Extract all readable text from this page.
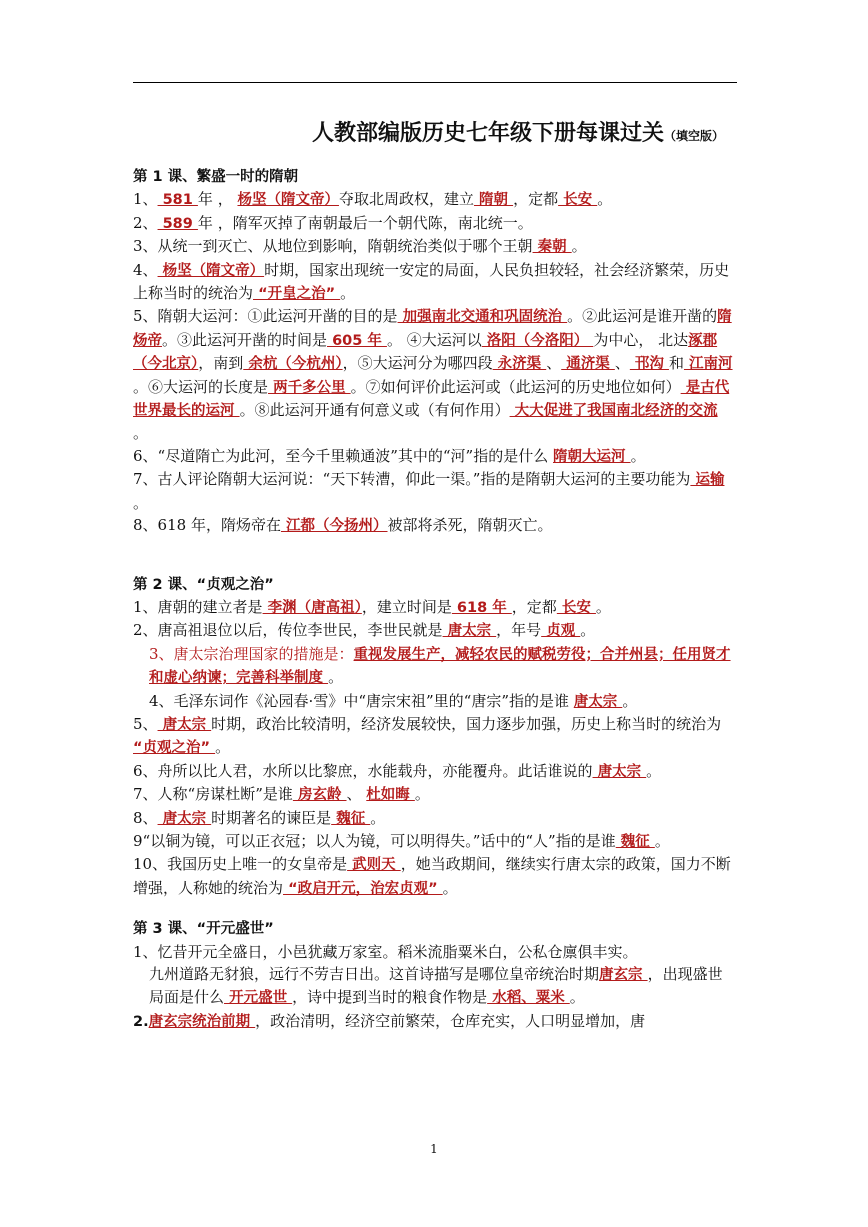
人教部编版历史七年级下册每课过关（填空版）

第 1 课、繁盛一时的隋朝

1、 581 年 ， 杨坚（隋文帝）夺取北周政权，建立 隋朝 ，定都 长安 。

2、 589 年 ，隋军灭掉了南朝最后一个朝代陈，南北统一。

3、从统一到灭亡、从地位到影响，隋朝统治类似于哪个王朝 秦朝 。

4、 杨坚（隋文帝）时期，国家出现统一安定的局面，人民负担较轻，社会经济繁荣，历史上称当时的统治为 “开皇之治” 。

5、隋朝大运河：①此运河开凿的目的是 加强南北交通和巩固统治 。②此运河是谁开凿的隋炀帝。③此运河开凿的时间是 605 年 。 ④大运河以 洛阳（今洛阳） 为中心， 北达涿郡（今北京），南到 余杭（今杭州），⑤大运河分为哪四段 永济渠 、 通济渠 、 邗沟 和 江南河 。⑥大运河的长度是 两千多公里 。⑦如何评价此运河或（此运河的历史地位如何） 是古代世界最长的运河 。⑧此运河开通有何意义或（有何作用） 大大促进了我国南北经济的交流 。

6、“尽道隋亡为此河，至今千里赖通波”其中的“河”指的是什么 隋朝大运河 。

7、古人评论隋朝大运河说：“天下转漕，仰此一渠。”指的是隋朝大运河的主要功能为 运输 。

8、618 年，隋炀帝在 江都（今扬州）被部将杀死，隋朝灭亡。

第 2 课、“贞观之治”

1、唐朝的建立者是 李渊（唐高祖），建立时间是 618 年 ，定都 长安 。

2、唐高祖退位以后，传位李世民，李世民就是 唐太宗 ，年号 贞观 。

3、唐太宗治理国家的措施是：重视发展生产，减轻农民的赋税劳役；合并州县；任用贤才和虚心纳谏；完善科举制度 。

4、毛泽东词作《沁园春·雪》中“唐宗宋祖”里的“唐宗”指的是谁 唐太宗 。

5、 唐太宗 时期，政治比较清明，经济发展较快，国力逐步加强，历史上称当时的统治为 “贞观之治” 。

6、舟所以比人君，水所以比黎庶，水能载舟，亦能覆舟。此话谁说的 唐太宗 。

7、人称“房谋杜断”是谁 房玄龄 、 杜如晦 。

8、 唐太宗 时期著名的谏臣是 魏征 。

9“以铜为镜，可以正衣冠；以人为镜，可以明得失。”话中的“人”指的是谁 魏征 。

10、我国历史上唯一的女皇帝是 武则天 ，她当政期间，继续实行唐太宗的政策，国力不断增强，人称她的统治为 “政启开元，治宏贞观” 。

第 3 课、“开元盛世”

1、忆昔开元全盛日，小邑犹藏万家室。稻米流脂粟米白，公私仓廪俱丰实。

九州道路无豺狼，远行不劳吉日出。这首诗描写是哪位皇帝统治时期唐玄宗 ，出现盛世局面是什么 开元盛世 ，诗中提到当时的粮食作物是 水稻、粟米 。

2.唐玄宗统治前期 ，政治清明，经济空前繁荣，仓库充实，人口明显增加，唐

1
